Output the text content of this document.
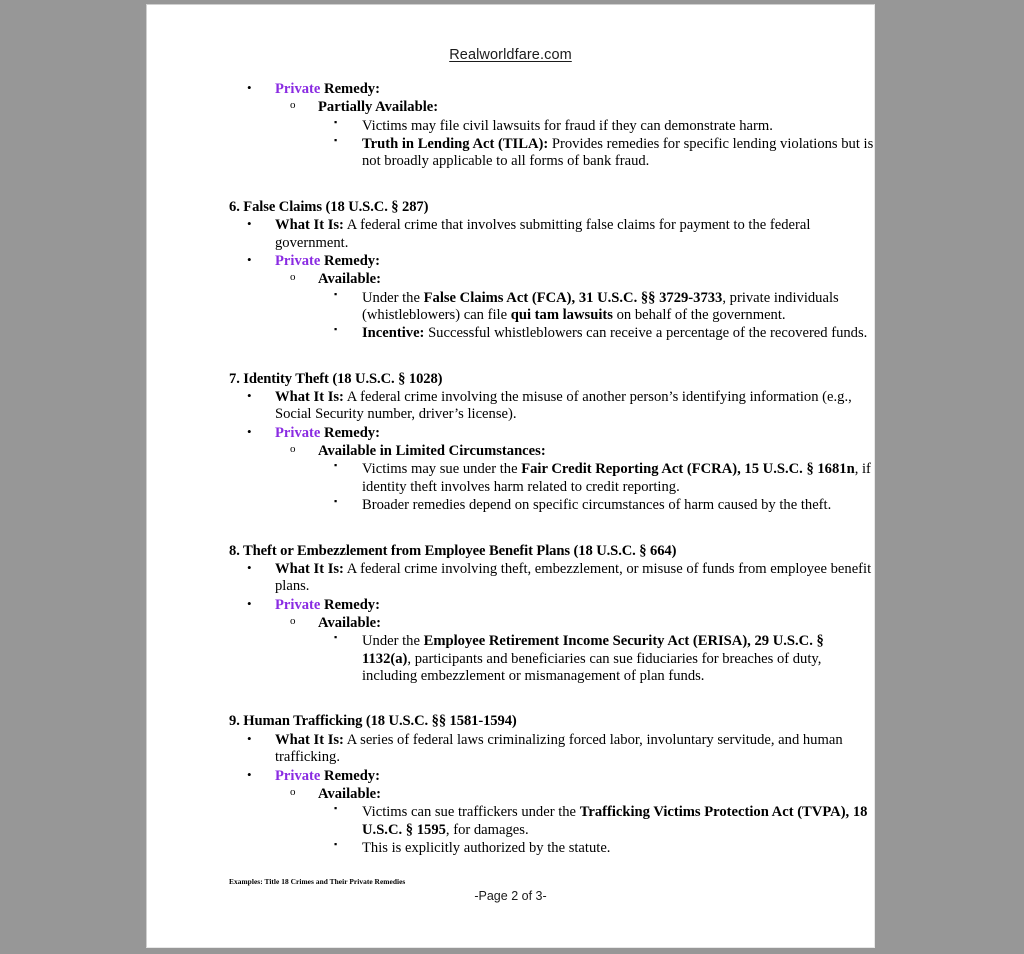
Realworldfare.com
• Private Remedy:
o Partially Available:
▪ Victims may file civil lawsuits for fraud if they can demonstrate harm.
▪ Truth in Lending Act (TILA): Provides remedies for specific lending violations but is not broadly applicable to all forms of bank fraud.
6. False Claims (18 U.S.C. § 287)
• What It Is: A federal crime that involves submitting false claims for payment to the federal government.
• Private Remedy:
o Available:
▪ Under the False Claims Act (FCA), 31 U.S.C. §§ 3729-3733, private individuals (whistleblowers) can file qui tam lawsuits on behalf of the government.
▪ Incentive: Successful whistleblowers can receive a percentage of the recovered funds.
7. Identity Theft (18 U.S.C. § 1028)
• What It Is: A federal crime involving the misuse of another person’s identifying information (e.g., Social Security number, driver’s license).
• Private Remedy:
o Available in Limited Circumstances:
▪ Victims may sue under the Fair Credit Reporting Act (FCRA), 15 U.S.C. § 1681n, if identity theft involves harm related to credit reporting.
▪ Broader remedies depend on specific circumstances of harm caused by the theft.
8. Theft or Embezzlement from Employee Benefit Plans (18 U.S.C. § 664)
• What It Is: A federal crime involving theft, embezzlement, or misuse of funds from employee benefit plans.
• Private Remedy:
o Available:
▪ Under the Employee Retirement Income Security Act (ERISA), 29 U.S.C. § 1132(a), participants and beneficiaries can sue fiduciaries for breaches of duty, including embezzlement or mismanagement of plan funds.
9. Human Trafficking (18 U.S.C. §§ 1581-1594)
• What It Is: A series of federal laws criminalizing forced labor, involuntary servitude, and human trafficking.
• Private Remedy:
o Available:
▪ Victims can sue traffickers under the Trafficking Victims Protection Act (TVPA), 18 U.S.C. § 1595, for damages.
▪ This is explicitly authorized by the statute.
Examples: Title 18 Crimes and Their Private Remedies
-Page 2 of 3-
